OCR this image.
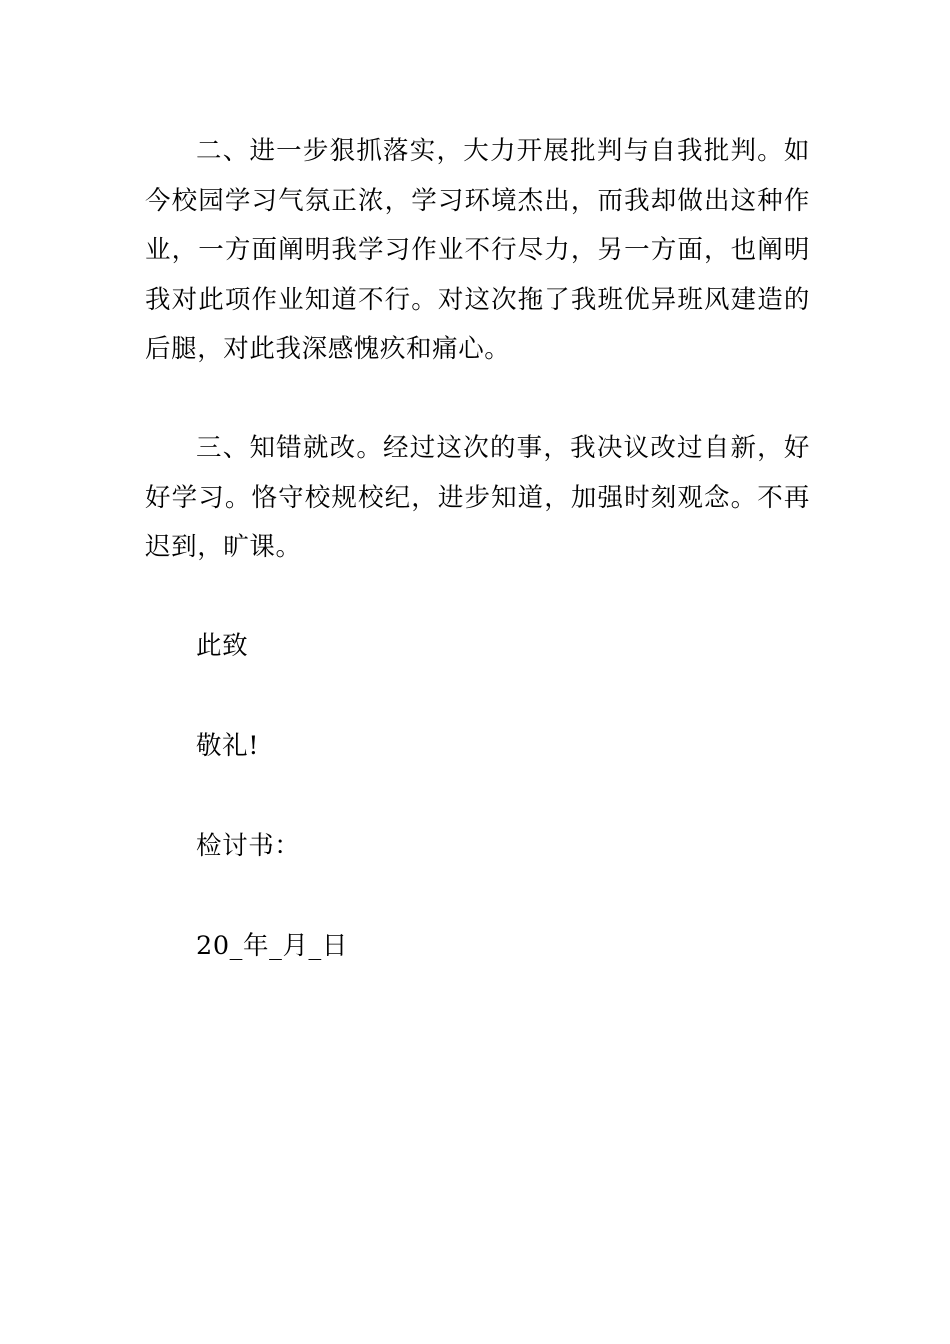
二、进一步狠抓落实，大力开展批判与自我批判。如今校园学习气氛正浓，学习环境杰出，而我却做出这种作业，一方面阐明我学习作业不行尽力，另一方面，也阐明我对此项作业知道不行。对这次拖了我班优异班风建造的后腿，对此我深感愧疚和痛心。

三、知错就改。经过这次的事，我决议改过自新，好好学习。恪守校规校纪，进步知道，加强时刻观念。不再迟到，旷课。

此致

敬礼!

检讨书：

20_年_月_日
